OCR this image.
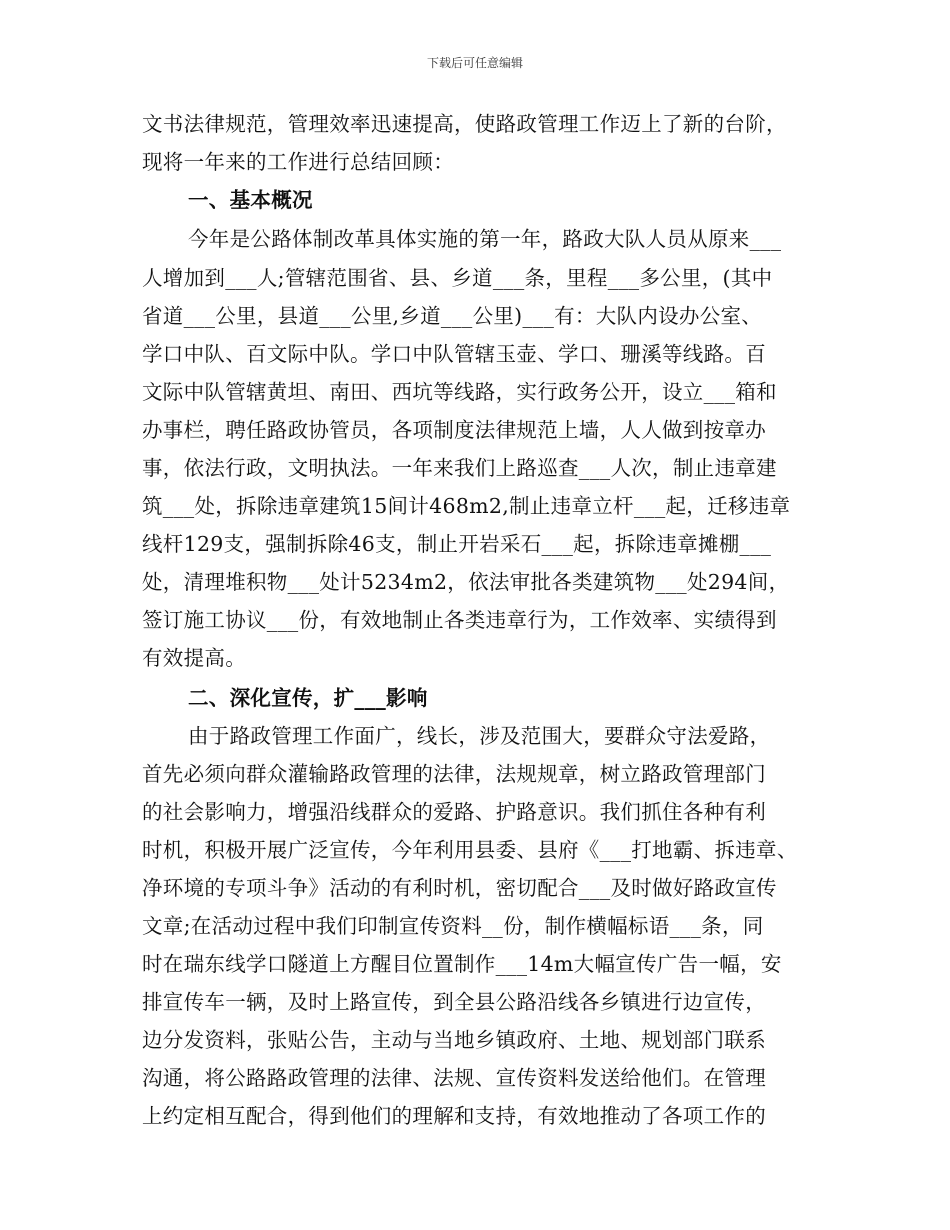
下载后可任意编辑
文书法律规范，管理效率迅速提高，使路政管理工作迈上了新的台阶，
现将一年来的工作进行总结回顾：
一、基本概况
今年是公路体制改革具体实施的第一年，路政大队人员从原来___
人增加到___人;管辖范围省、县、乡道___条，里程___多公里，(其中
省道___公里，县道___公里,乡道___公里)___有：大队内设办公室、
学口中队、百文际中队。学口中队管辖玉壶、学口、珊溪等线路。百
文际中队管辖黄坦、南田、西坑等线路，实行政务公开，设立___箱和
办事栏，聘任路政协管员，各项制度法律规范上墙，人人做到按章办
事，依法行政，文明执法。一年来我们上路巡查___人次，制止违章建
筑___处，拆除违章建筑15间计468m2,制止违章立杆___起，迁移违章
线杆129支，强制拆除46支，制止开岩采石___起，拆除违章摊棚___
处，清理堆积物___处计5234m2，依法审批各类建筑物___处294间，
签订施工协议___份，有效地制止各类违章行为，工作效率、实绩得到
有效提高。
二、深化宣传，扩___影响
由于路政管理工作面广，线长，涉及范围大，要群众守法爱路，
首先必须向群众灌输路政管理的法律，法规规章，树立路政管理部门
的社会影响力，增强沿线群众的爱路、护路意识。我们抓住各种有利
时机，积极开展广泛宣传，今年利用县委、县府《___打地霸、拆违章、
净环境的专项斗争》活动的有利时机，密切配合___及时做好路政宣传
文章;在活动过程中我们印制宣传资料__份，制作横幅标语___条，同
时在瑞东线学口隧道上方醒目位置制作___14m大幅宣传广告一幅，安
排宣传车一辆，及时上路宣传，到全县公路沿线各乡镇进行边宣传，
边分发资料，张贴公告，主动与当地乡镇政府、土地、规划部门联系
沟通，将公路路政管理的法律、法规、宣传资料发送给他们。在管理
上约定相互配合，得到他们的理解和支持，有效地推动了各项工作的
